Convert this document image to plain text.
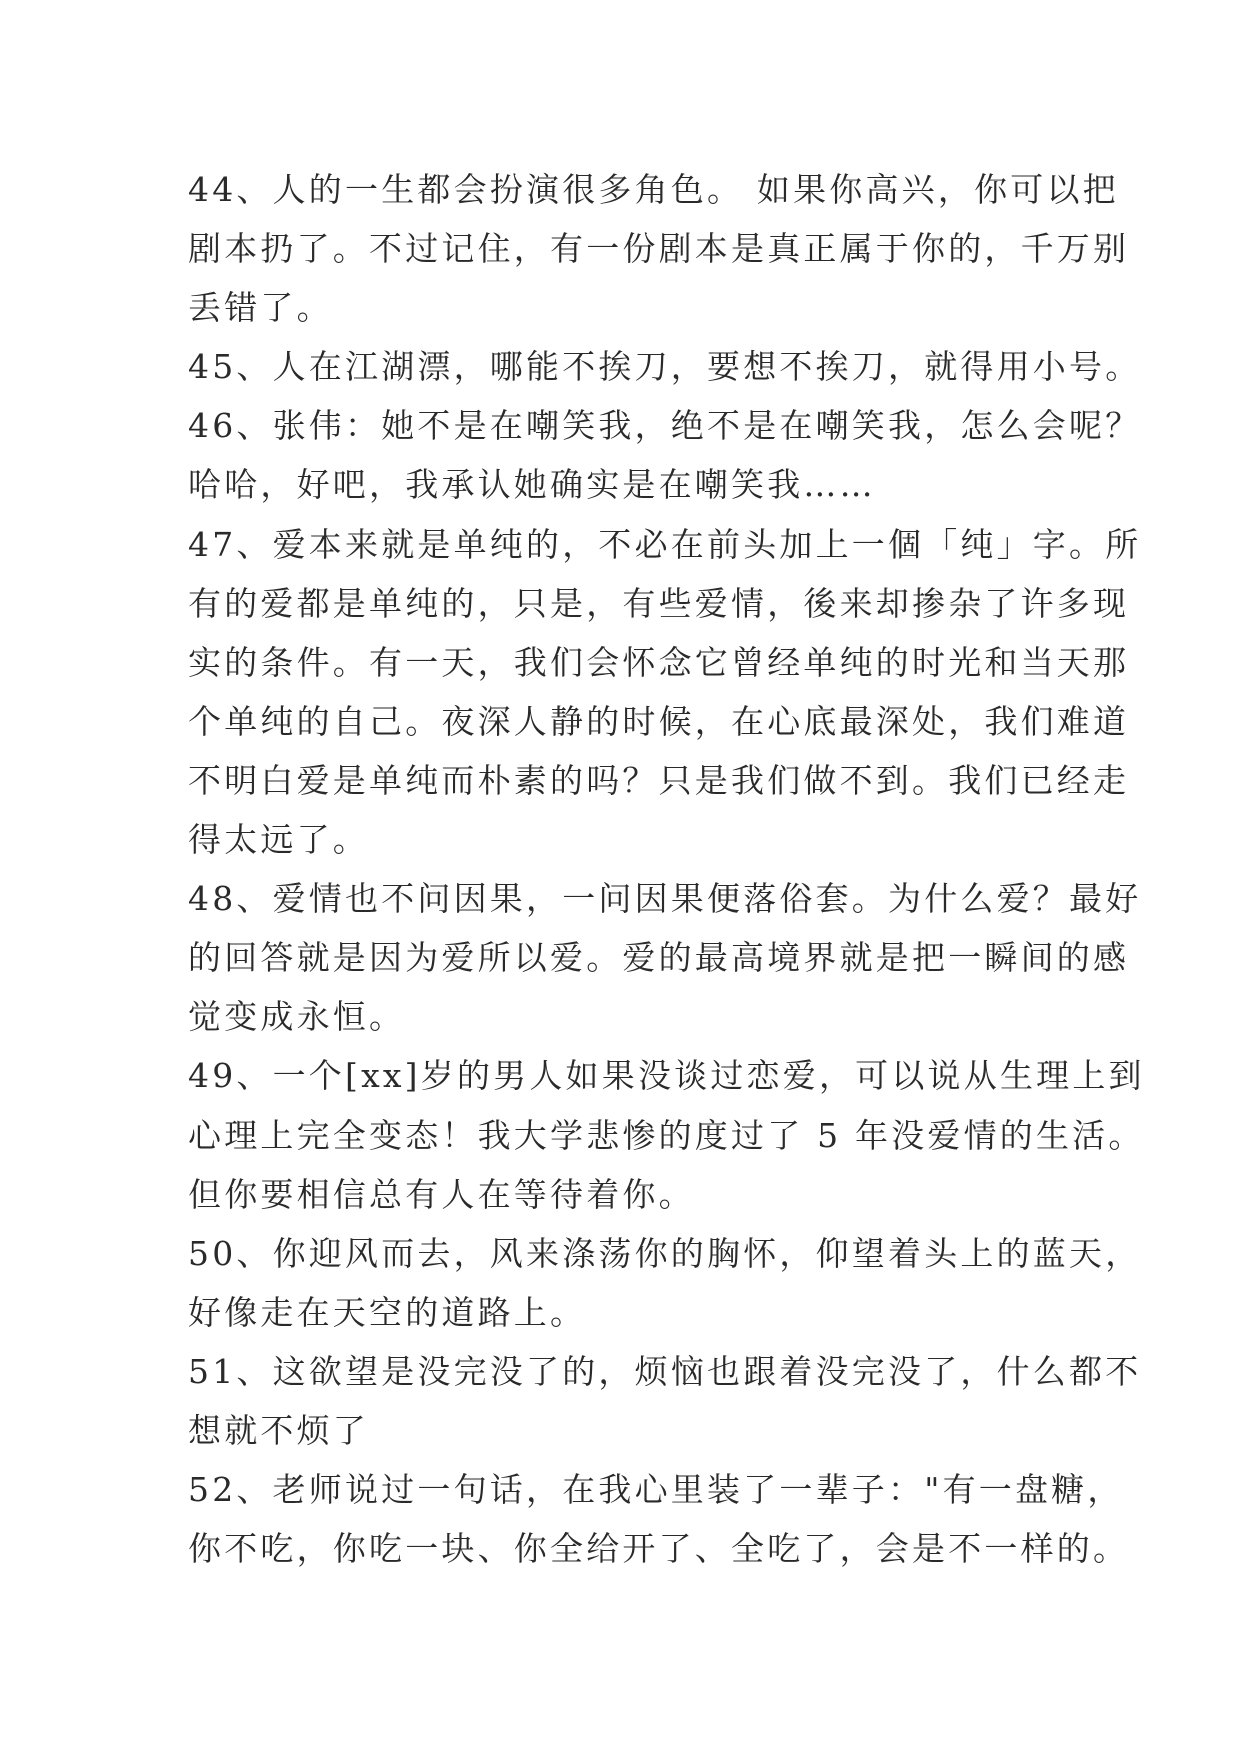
44、人的一生都会扮演很多角色。 如果你高兴，你可以把
剧本扔了。不过记住，有一份剧本是真正属于你的，千万别
丢错了。
45、人在江湖漂，哪能不挨刀，要想不挨刀，就得用小号。
46、张伟：她不是在嘲笑我，绝不是在嘲笑我，怎么会呢？
哈哈，好吧，我承认她确实是在嘲笑我……
47、爱本来就是单纯的，不必在前头加上一個「纯」字。所
有的爱都是单纯的，只是，有些爱情，後来却掺杂了许多现
实的条件。有一天，我们会怀念它曾经单纯的时光和当天那
个单纯的自己。夜深人静的时候，在心底最深处，我们难道
不明白爱是单纯而朴素的吗？只是我们做不到。我们已经走
得太远了。
48、爱情也不问因果，一问因果便落俗套。为什么爱？最好
的回答就是因为爱所以爱。爱的最高境界就是把一瞬间的感
觉变成永恒。
49、一个[xx]岁的男人如果没谈过恋爱，可以说从生理上到
心理上完全变态！我大学悲惨的度过了 5 年没爱情的生活。
但你要相信总有人在等待着你。
50、你迎风而去，风来涤荡你的胸怀，仰望着头上的蓝天，
好像走在天空的道路上。
51、这欲望是没完没了的，烦恼也跟着没完没了，什么都不
想就不烦了
52、老师说过一句话，在我心里装了一辈子："有一盘糖，
你不吃，你吃一块、你全给开了、全吃了，会是不一样的。
